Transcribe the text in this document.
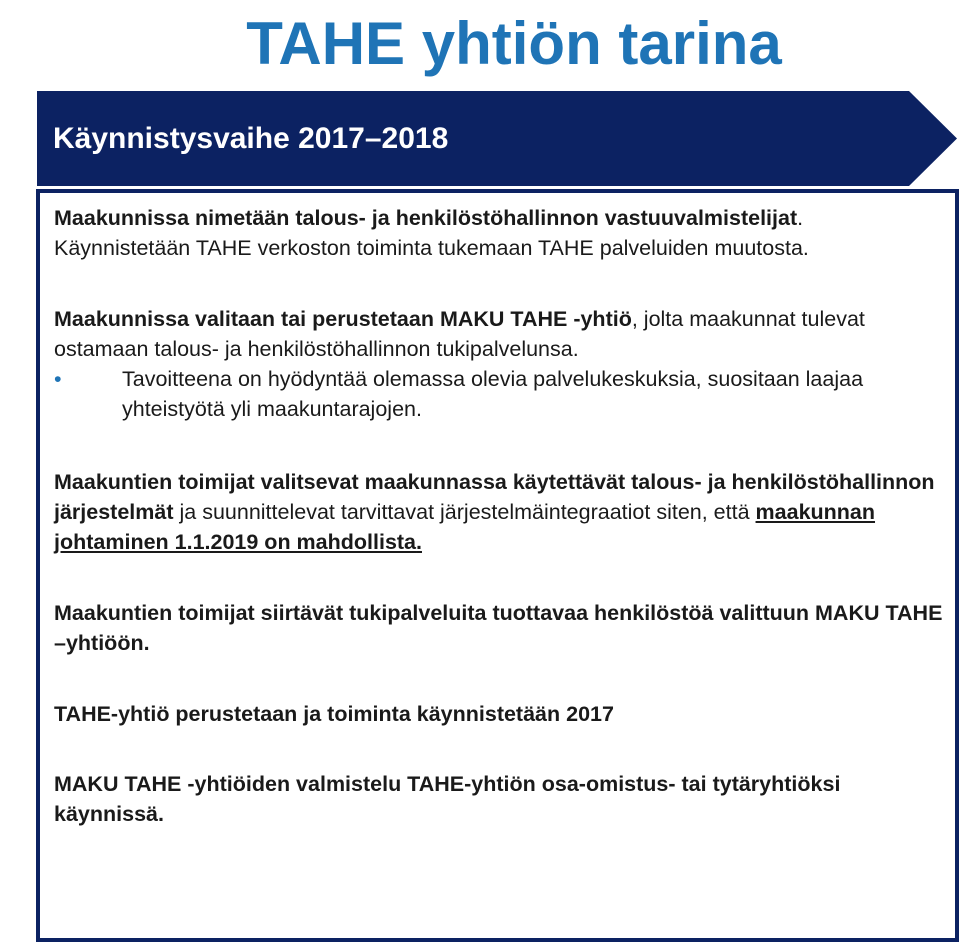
TAHE yhtiön tarina
Käynnistysvaihe 2017–2018

Maakunnissa nimetään talous- ja henkilöstöhallinnon vastuuvalmistelijat. Käynnistetään TAHE verkoston toiminta tukemaan TAHE palveluiden muutosta.

Maakunnissa valitaan tai perustetaan MAKU TAHE -yhtiö, jolta maakunnat tulevat ostamaan talous- ja henkilöstöhallinnon tukipalvelunsa.

•	Tavoitteena on hyödyntää olemassa olevia palvelukeskuksia, suositaan laajaa yhteistyötä yli maakuntarajojen.

Maakuntien toimijat valitsevat maakunnassa käytettävät talous- ja henkilöstöhallinnon järjestelmät ja suunnittelevat tarvittavat järjestelmäintegraatiot siten, että maakunnan johtaminen 1.1.2019 on mahdollista.

Maakuntien toimijat siirtävät tukipalveluita tuottavaa henkilöstöä valittuun MAKU TAHE –yhtiöön.

TAHE-yhtiö perustetaan ja toiminta käynnistetään 2017

MAKU TAHE -yhtiöiden valmistelu TAHE-yhtiön osa-omistus- tai tytäryhtiöksi käynnissä.
